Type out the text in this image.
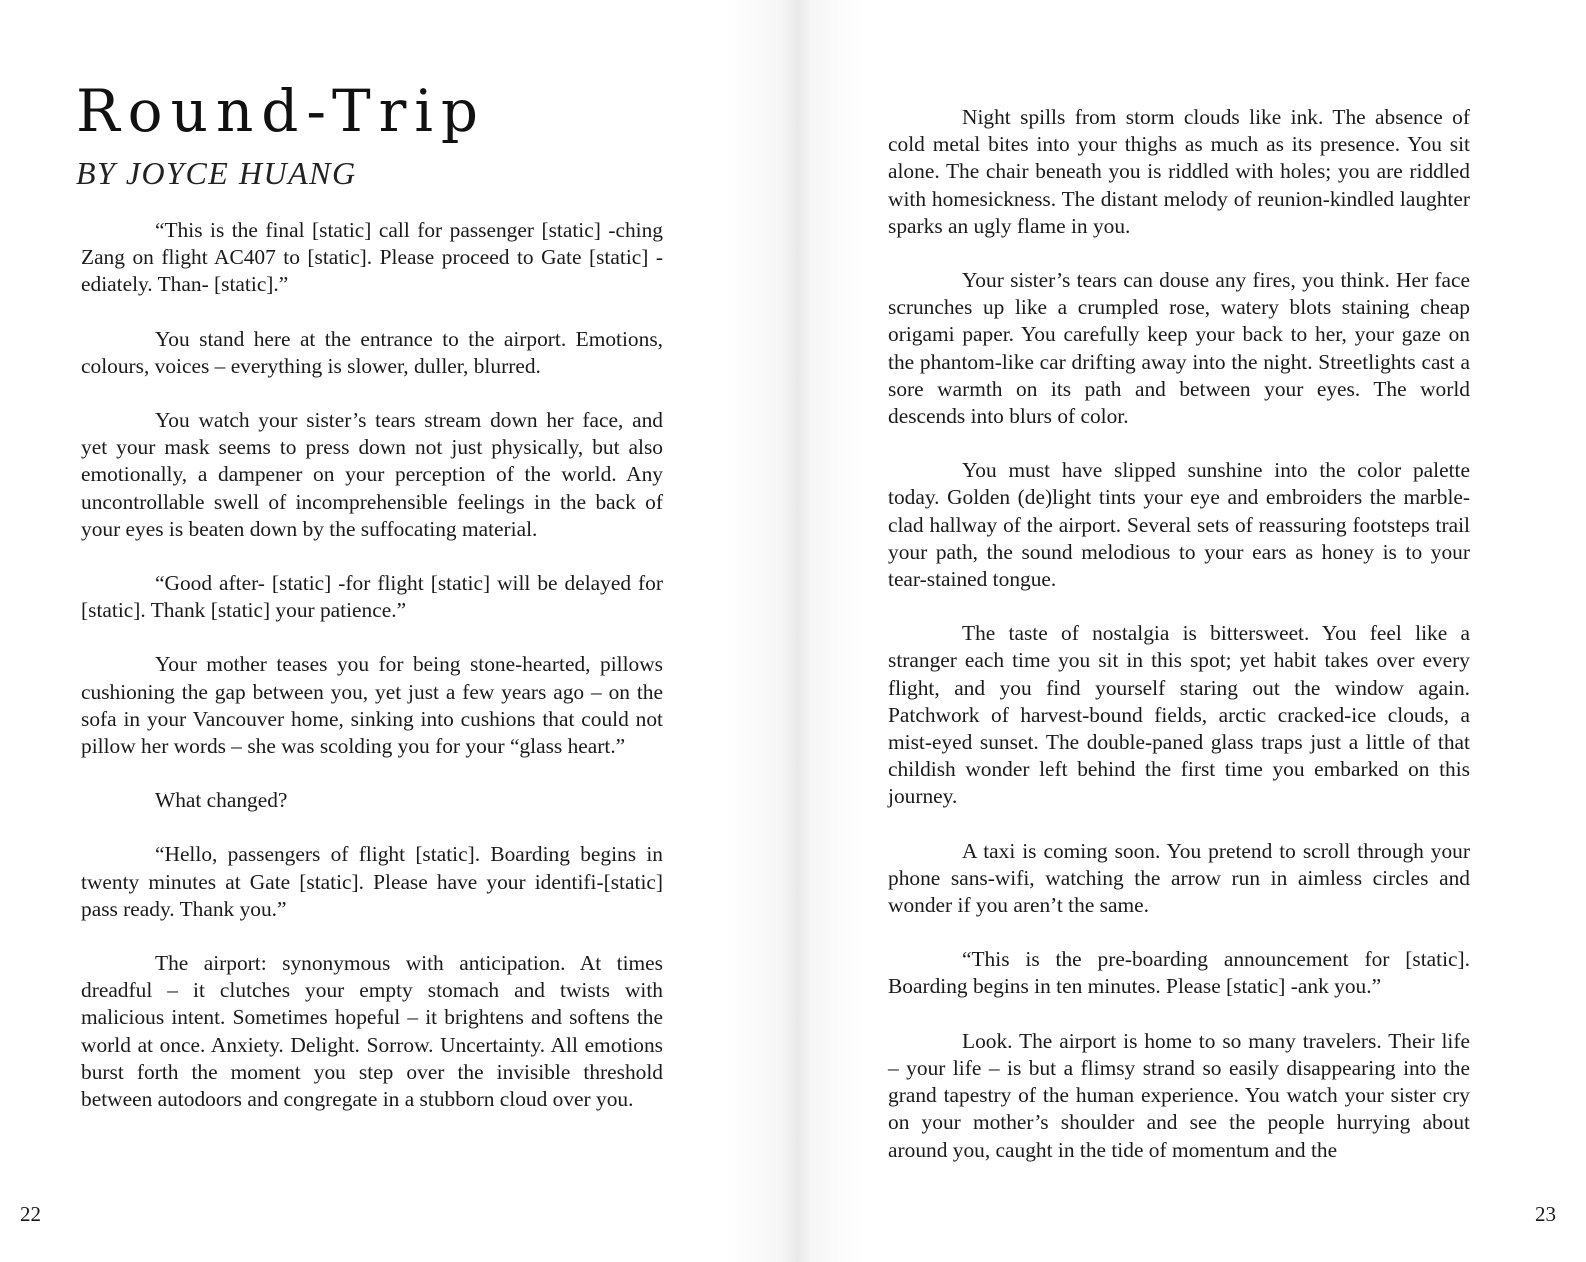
Round-Trip
BY JOYCE HUANG

“This is the final [static] call for passenger [static] -ching Zang on flight AC407 to [static]. Please proceed to Gate [static] -ediately. Than- [static].”

You stand here at the entrance to the airport. Emotions, colours, voices – everything is slower, duller, blurred.

You watch your sister’s tears stream down her face, and yet your mask seems to press down not just physically, but also emotionally, a dampener on your perception of the world. Any uncontrollable swell of incomprehensible feelings in the back of your eyes is beaten down by the suffocating material.

“Good after- [static] -for flight [static] will be delayed for [static]. Thank [static] your patience.”

Your mother teases you for being stone-hearted, pillows cushioning the gap between you, yet just a few years ago – on the sofa in your Vancouver home, sinking into cushions that could not pillow her words – she was scolding you for your “glass heart.”

What changed?

“Hello, passengers of flight [static]. Boarding begins in twenty minutes at Gate [static]. Please have your identifi-[static] pass ready. Thank you.”

The airport: synonymous with anticipation. At times dreadful – it clutches your empty stomach and twists with malicious intent. Sometimes hopeful – it brightens and softens the world at once. Anxiety. Delight. Sorrow. Uncertainty. All emotions burst forth the moment you step over the invisible threshold between autodoors and congregate in a stubborn cloud over you.

22

Night spills from storm clouds like ink. The absence of cold metal bites into your thighs as much as its presence. You sit alone. The chair beneath you is riddled with holes; you are riddled with homesickness. The distant melody of reunion-kindled laughter sparks an ugly flame in you.

Your sister’s tears can douse any fires, you think. Her face scrunches up like a crumpled rose, watery blots staining cheap origami paper. You carefully keep your back to her, your gaze on the phantom-like car drifting away into the night. Streetlights cast a sore warmth on its path and between your eyes. The world descends into blurs of color.

You must have slipped sunshine into the color palette today. Golden (de)light tints your eye and embroiders the marble-clad hallway of the airport. Several sets of reassuring footsteps trail your path, the sound melodious to your ears as honey is to your tear-stained tongue.

The taste of nostalgia is bittersweet. You feel like a stranger each time you sit in this spot; yet habit takes over every flight, and you find yourself staring out the window again. Patchwork of harvest-bound fields, arctic cracked-ice clouds, a mist-eyed sunset. The double-paned glass traps just a little of that childish wonder left behind the first time you embarked on this journey.

A taxi is coming soon. You pretend to scroll through your phone sans-wifi, watching the arrow run in aimless circles and wonder if you aren’t the same.

“This is the pre-boarding announcement for [static]. Boarding begins in ten minutes. Please [static] -ank you.”

Look. The airport is home to so many travelers. Their life – your life – is but a flimsy strand so easily disappearing into the grand tapestry of the human experience. You watch your sister cry on your mother’s shoulder and see the people hurrying about around you, caught in the tide of momentum and the

23
